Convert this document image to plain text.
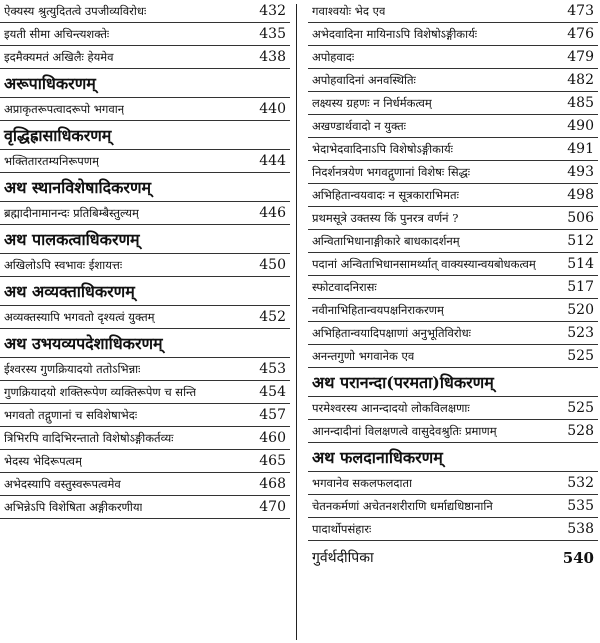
ऐक्यस्य श्रुत्युदितत्वे उपजीव्यविरोधः	432
इयती सीमा अचिन्त्यशक्तेः	435
इदमैक्यमतं अखिलैः हेयमेव	438
अरूपाधिकरणम्
अप्राकृतरूपत्वादरूपो भगवान्	440
वृद्धिह्रासाधिकरणम्
भक्तितारतम्यनिरूपणम्	444
अथ स्थानविशेषादिकरणम्
ब्रह्मादीनामानन्दः प्रतिबिम्बैस्तुल्यम्	446
अथ पालकत्वाधिकरणम्
अखिलोऽपि स्वभावः ईशायत्तः	450
अथ अव्यक्ताधिकरणम्
अव्यक्तस्यापि भगवतो दृश्यत्वं युक्तम्	452
अथ उभयव्यपदेशाधिकरणम्
ईश्वरस्य गुणक्रियादयो ततोऽभिन्नाः	453
गुणक्रियादयो शक्तिरूपेण व्यक्तिरूपेण च सन्ति	454
भगवतो तद्गुणानां च सविशेषाभेदः	457
त्रिभिरपि वादिभिरन्तातो विशेषोऽङ्गीकर्तव्यः	460
भेदस्य भेदिरूपत्वम्	465
अभेदस्यापि वस्तुस्वरूपत्वमेव	468
अभिन्नेऽपि विशेषिता अङ्गीकरणीया	470
गवाश्वयोः भेद एव	473
अभेदवादिना मायिनाऽपि विशेषोऽङ्गीकार्यः	476
अपोहवादः	479
अपोहवादिनां अनवस्थितिः	482
लक्ष्यस्य ग्रहणः न निर्धर्मकत्वम्	485
अखण्डार्थवादो न युक्तः	490
भेदाभेदवादिनाऽपि विशेषोऽङ्गीकार्यः	491
निदर्शनत्रयेण भगवद्गुणानां विशेषः सिद्धः	493
अभिहितान्वयवादः न सूत्रकाराभिमतः	498
प्रथमसूत्रे उक्तस्य किं पुनरत्र वर्णनं ?	506
अन्विताभिधानाङ्गीकारे बाधकादर्शनम्	512
पदानां अन्विताभिधानसामर्थ्यात् वाक्यस्यान्वयबोधकत्वम् 514
स्फोटवादनिरासः	517
नवीनाभिहितान्वयपक्षनिराकरणम्	520
अभिहितान्वयादिपक्षाणां अनुभूतिविरोधः	523
अनन्तगुणो भगवानेक एव	525
अथ परानन्दा(परमता)धिकरणम्
परमेश्वरस्य आनन्दादयो लोकविलक्षणाः	525
आनन्दादीनां विलक्षणत्वे वासुदेवश्रुतिः प्रमाणम्	528
अथ फलदानाधिकरणम्
भगवानेव सकलफलदाता	532
चेतनकर्मणां अचेतनशरीराणि धर्माद्यधिष्ठानानि	535
पादार्थोपसंहारः	538
गुर्वर्थदीपिका	540
